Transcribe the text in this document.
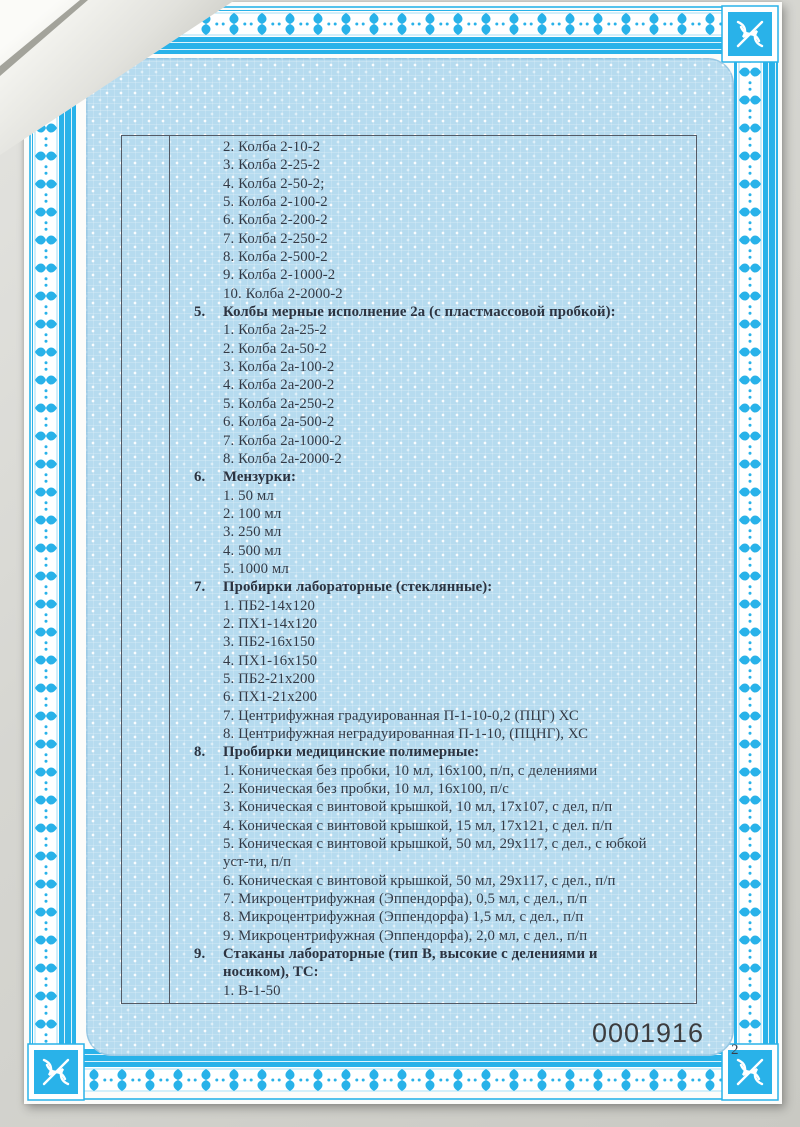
2. Колба 2-10-2
3. Колба 2-25-2
4. Колба 2-50-2;
5. Колба 2-100-2
6. Колба 2-200-2
7. Колба 2-250-2
8. Колба 2-500-2
9. Колба 2-1000-2
10. Колба 2-2000-2
5. Колбы мерные исполнение 2а (с пластмассовой пробкой):
1. Колба 2а-25-2
2. Колба 2а-50-2
3. Колба 2а-100-2
4. Колба 2а-200-2
5. Колба 2а-250-2
6. Колба 2а-500-2
7. Колба 2а-1000-2
8. Колба 2а-2000-2
6. Мензурки:
1. 50 мл
2. 100 мл
3. 250 мл
4. 500 мл
5. 1000 мл
7. Пробирки лабораторные (стеклянные):
1. ПБ2-14х120
2. ПХ1-14х120
3. ПБ2-16х150
4. ПХ1-16х150
5. ПБ2-21х200
6. ПХ1-21х200
7. Центрифужная градуированная П-1-10-0,2 (ПЦГ) ХС
8. Центрифужная неградуированная П-1-10, (ПЦНГ), ХС
8. Пробирки медицинские полимерные:
1. Коническая без пробки, 10 мл, 16х100, п/п, с делениями
2. Коническая без пробки, 10 мл, 16х100, п/с
3. Коническая с винтовой крышкой, 10 мл, 17х107, с дел, п/п
4. Коническая с винтовой крышкой, 15 мл, 17х121, с дел. п/п
5. Коническая с винтовой крышкой, 50 мл, 29х117, с дел., с юбкой уст-ти, п/п
6. Коническая с винтовой крышкой, 50 мл, 29х117, с дел., п/п
7. Микроцентрифужная (Эппендорфа), 0,5 мл, с дел., п/п
8. Микроцентрифужная (Эппендорфа) 1,5 мл, с дел., п/п
9. Микроцентрифужная (Эппендорфа), 2,0 мл, с дел., п/п
9. Стаканы лабораторные (тип В, высокие с делениями и носиком), ТС:
1. В-1-50
0001916
2
